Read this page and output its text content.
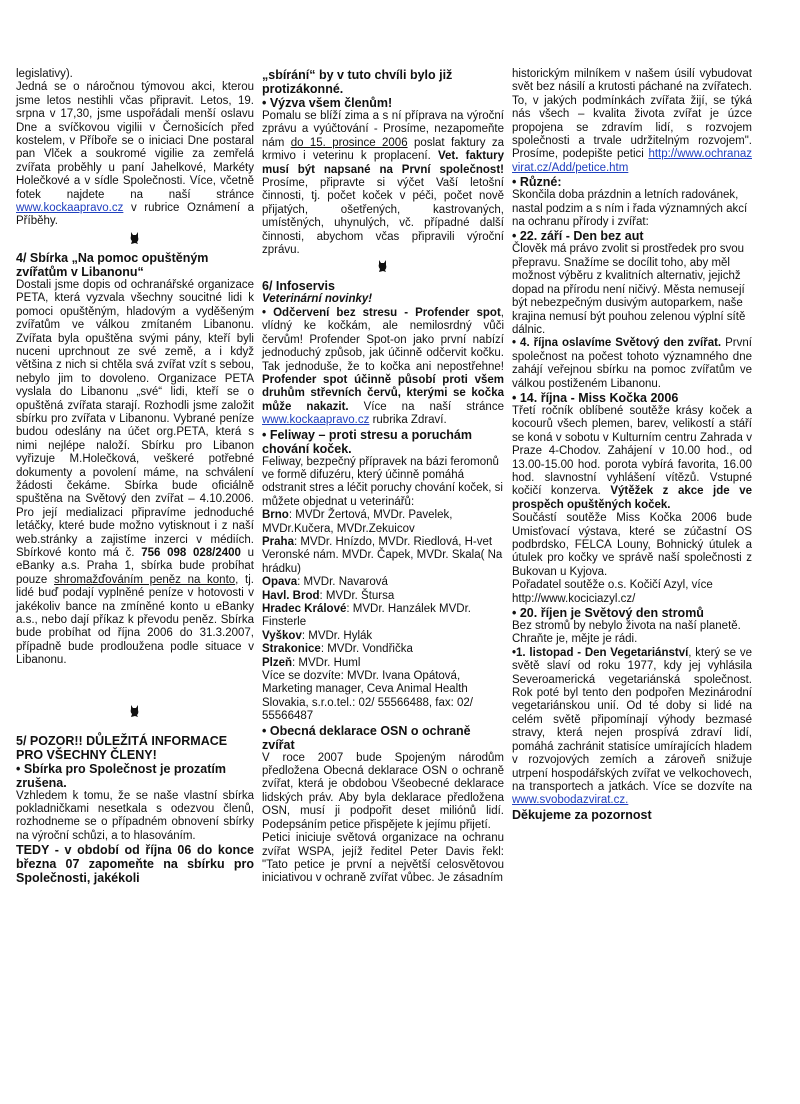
legislativy).
Jedná se o náročnou týmovou akci, kterou jsme letos nestihli včas připravit. Letos, 19. srpna v 17,30, jsme uspořádali menší oslavu Dne a svíčkovou vigilii v Černošicích před kostelem, v Příboře se o iniciaci Dne postaral pan Vlček a soukromé vigilie za zemřelá zvířata proběhly u paní Jahelkové, Markéty Holečkové a v sídle Společnosti. Více, včetně fotek najdete na naší stránce www.kockaapravo.cz v rubrice Oznámení a Příběhy.

4/ Sbírka „Na pomoc opuštěným zvířatům v Libanonu“

Dostali jsme dopis od ochranářské organizace PETA, která vyzvala všechny soucitné lidi k pomoci opuštěným, hladovým a vyděšeným zvířatům ve válkou zmítaném Libanonu. Zvířata byla opuštěna svými pány, kteří byli nuceni uprchnout ze své země, a i když většina z nich si chtěla svá zvířat vzít s sebou, nebylo jim to dovoleno. Organizace PETA vyslala do Libanonu „své“ lidi, kteří se o opuštěná zvířata starají. Rozhodli jsme založit sbírku pro zvířata v Libanonu. Vybrané peníze budou odeslány na účet org.PETA, která s nimi nejlépe naloží. Sbírku pro Libanon vyřizuje M.Holečková, veškeré potřebné dokumenty a povolení máme, na schválení žádosti čekáme. Sbírka bude oficiálně spuštěna na Světový den zvířat – 4.10.2006. Pro její medializaci připravíme jednoduché letáčky, které bude možno vytisknout i z naší web.stránky a zajistíme inzerci v médiích. Sbírkové konto má č. 756 098 028/2400 u eBanky a.s. Praha 1, sbírka bude probíhat pouze shromažďováním peněz na konto, tj. lidé buď podají vyplněné peníze v hotovosti v jakékoliv bance na zmíněné konto u eBanky a.s., nebo dají příkaz k převodu peněz. Sbírka bude probíhat od října 2006 do 31.3.2007, případně bude prodloužena podle situace v Libanonu.

5/ POZOR!! DŮLEŽITÁ INFORMACE PRO VŠECHNY ČLENY!

• Sbírka pro Společnost je prozatím zrušena.

Vzhledem k tomu, že se naše vlastní sbírka pokladničkami nesetkala s odezvou členů, rozhodneme se o případném obnovení sbírky na výroční schůzi, a to hlasováním.

TEDY - v období od října 06 do konce března 07 zapomeňte na sbírku pro Společnosti, jakékoli

„sbírání“ by v tuto chvíli bylo již protizákonné.

• Výzva všem členům!

Pomalu se blíží zima a s ní příprava na výroční zprávu a vyúčtování - Prosíme, nezapomeňte nám do 15. prosince 2006 poslat faktury za krmivo i veterinu k proplacení. Vet. faktury musí být napsané na První společnost! Prosíme, připravte si výčet Vaší letošní činnosti, tj. počet koček v péči, počet nově přijatých, ošetřených, kastrovaných, umístěných, uhynulých, vč. případné další činnosti, abychom včas připravili výroční zprávu.

6/ Infoservis

Veterinární novinky!

• Odčervení bez stresu - Profender spot, vlídný ke kočkám, ale nemilosrdný vůči červům! Profender Spot-on jako první nabízí jednoduchý způsob, jak účinně odčervit kočku. Tak jednoduše, že to kočka ani nepostřehne! Profender spot účinně působí proti všem druhům střevních červů, kterými se kočka může nakazit. Více na naší stránce www.kockaapravo.cz rubrika Zdraví.

• Feliway – proti stresu a poruchám chování koček.

Feliway, bezpečný přípravek na bázi feromonů ve formě difuzéru, který účinně pomáhá odstranit stres a léčit poruchy chování koček, si můžete objednat u veterinářů:

Brno: MVDr Žertová, MVDr. Pavelek, MVDr.Kučera, MVDr.Zekuicov

Praha: MVDr. Hnízdo, MVDr. Riedlová, H-vet Veronské nám. MVDr. Čapek, MVDr. Skala( Na hrádku)

Opava: MVDr. Navarová

Havl. Brod: MVDr. Štursa

Hradec Králové: MVDr. Hanzálek MVDr. Finsterle

Vyškov: MVDr. Hylák

Strakonice: MVDr. Vondřička

Plzeň: MVDr. Huml

Více se dozvíte: MVDr. Ivana Opátová, Marketing manager, Ceva Animal Health Slovakia, s.r.o.tel.: 02/ 55566488, fax: 02/ 55566487

• Obecná deklarace OSN o ochraně zvířat

V roce 2007 bude Spojeným národům předložena Obecná deklarace OSN o ochraně zvířat, která je obdobou Všeobecné deklarace lidských práv. Aby byla deklarace předložena OSN, musí ji podpořit deset miliónů lidí. Podepsáním petice přispějete k jejímu přijetí.

Petici iniciuje světová organizace na ochranu zvířat WSPA, jejíž ředitel Peter Davis řekl: "Tato petice je první a největší celosvětovou iniciativou v ochraně zvířat vůbec. Je zásadním

historickým milníkem v našem úsilí vybudovat svět bez násilí a krutosti páchané na zvířatech. To, v jakých podmínkách zvířata žijí, se týká nás všech – kvalita života zvířat je úzce propojena se zdravím lidí, s rozvojem společnosti a trvale udržitelným rozvojem". Prosíme, podepište petici http://www.ochranazvirat.cz/Add/petice.htm

• Různé:

Skončila doba prázdnin a letních radovánek, nastal podzim a s ním i řada významných akcí na ochranu přírody i zvířat:

• 22. září - Den bez aut

Člověk má právo zvolit si prostředek pro svou přepravu. Snažíme se docílit toho, aby měl možnost výběru z kvalitních alternativ, jejichž dopad na přírodu není ničivý. Města nemusejí být nebezpečným dusivým autoparkem, naše krajina nemusí být pouhou zelenou výplní sítě dálnic.

• 4. října oslavíme Světový den zvířat. První společnost na počest tohoto významného dne zahájí veřejnou sbírku na pomoc zvířatům ve válkou postiženém Libanonu.

• 14. října - Miss Kočka 2006

Třetí ročník oblíbené soutěže krásy koček a kocourů všech plemen, barev, velikostí a stáří se koná v sobotu v Kulturním centru Zahrada v Praze 4-Chodov. Zahájení v 10.00 hod., od 13.00-15.00 hod. porota vybírá favorita, 16.00 hod. slavnostní vyhlášení vítězů. Vstupné kočičí konzerva. Výtěžek z akce jde ve prospěch opuštěných koček.

Součástí soutěže Miss Kočka 2006 bude Umisťovací výstava, které se zúčastní OS podbrdsko, FELCA Louny, Bohnický útulek a útulek pro kočky ve správě naší společnosti z Bukovan u Kyjova.

Pořadatel soutěže o.s. Kočičí Azyl, více http://www.kociciazyl.cz/

• 20. říjen je Světový den stromů

Bez stromů by nebylo života na naší planetě. Chraňte je, mějte je rádi.

•1. listopad - Den Vegetariánství, který se ve světě slaví od roku 1977, kdy jej vyhlásila Severoamerická vegetariánská společnost. Rok poté byl tento den podpořen Mezinárodní vegetariánskou unií. Od té doby si lidé na celém světě připomínají výhody bezmasé stravy, která nejen prospívá zdraví lidí, pomáhá zachránit statisíce umírajících hladem v rozvojových zemích a zároveň snižuje utrpení hospodářských zvířat ve velkochovech, na transportech a jatkách. Více se dozvíte na www.svobodazvirat.cz.

Děkujeme za pozornost
